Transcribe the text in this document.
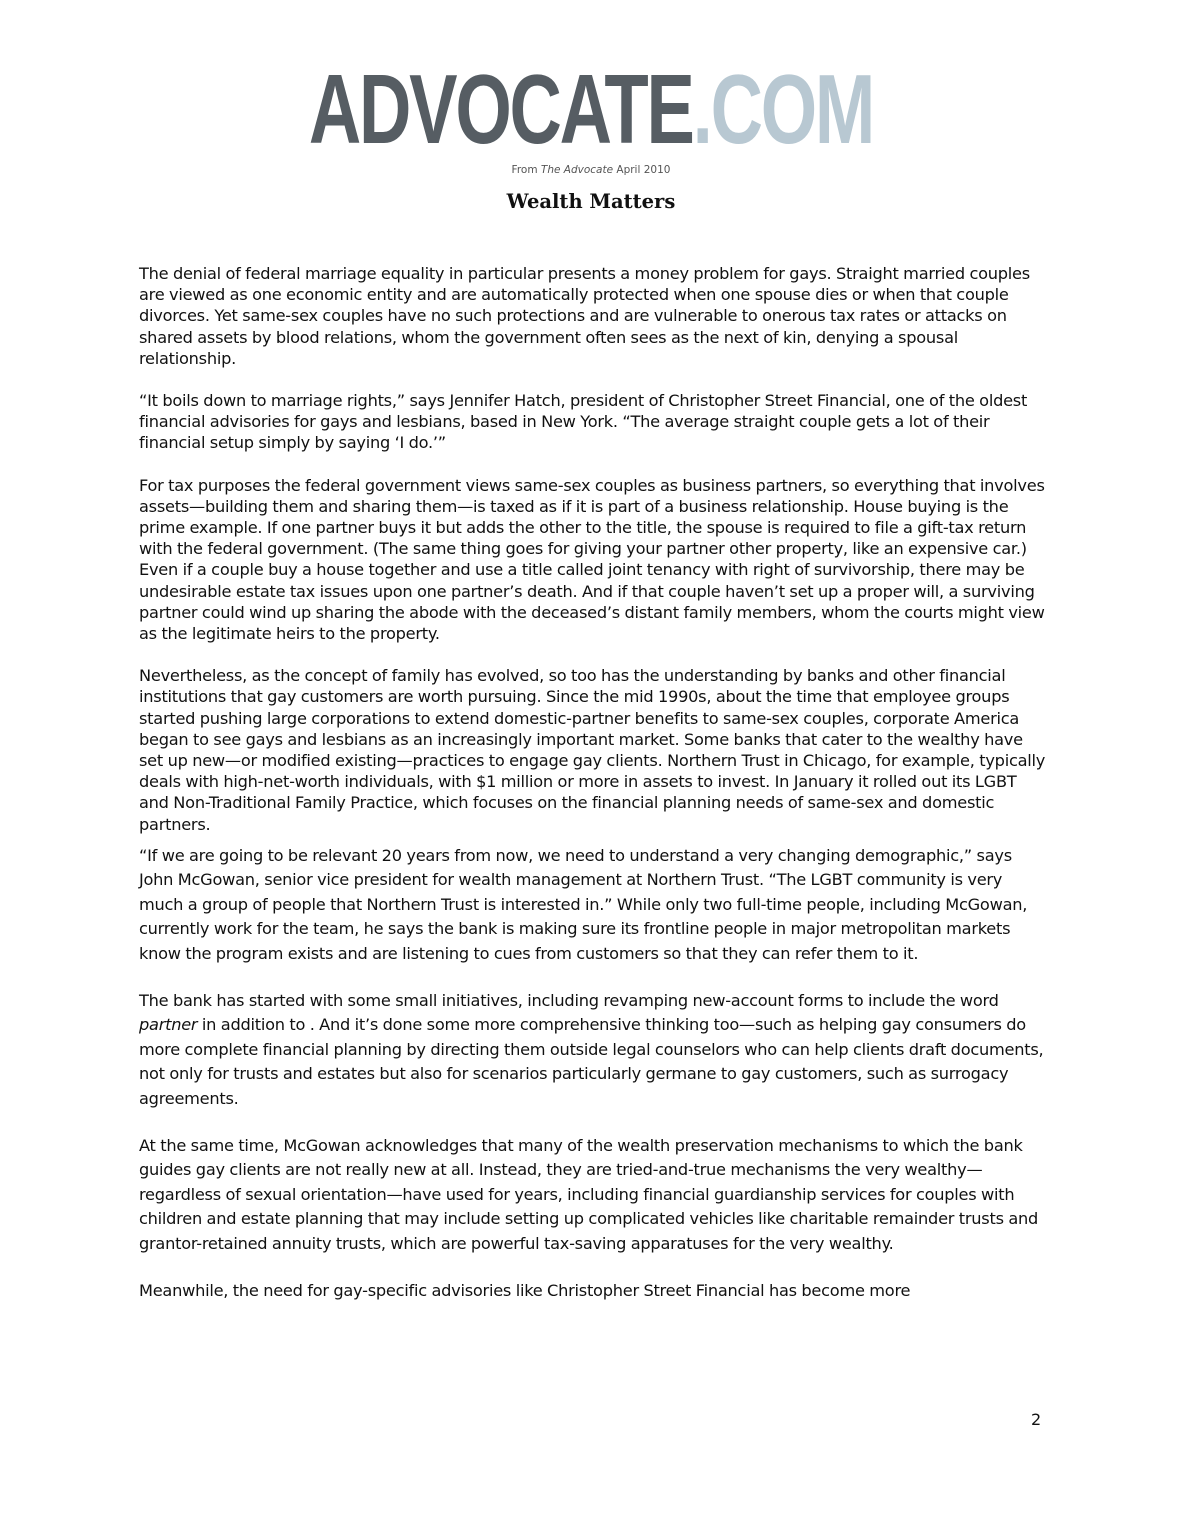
ADVOCATE.COM
From The Advocate April 2010
Wealth Matters

The denial of federal marriage equality in particular presents a money problem for gays. Straight married couples are viewed as one economic entity and are automatically protected when one spouse dies or when that couple divorces. Yet same-sex couples have no such protections and are vulnerable to onerous tax rates or attacks on shared assets by blood relations, whom the government often sees as the next of kin, denying a spousal relationship.

“It boils down to marriage rights,” says Jennifer Hatch, president of Christopher Street Financial, one of the oldest financial advisories for gays and lesbians, based in New York. “The average straight couple gets a lot of their financial setup simply by saying ‘I do.’”

For tax purposes the federal government views same-sex couples as business partners, so everything that involves assets—building them and sharing them—is taxed as if it is part of a business relationship. House buying is the prime example. If one partner buys it but adds the other to the title, the spouse is required to file a gift-tax return with the federal government. (The same thing goes for giving your partner other property, like an expensive car.) Even if a couple buy a house together and use a title called joint tenancy with right of survivorship, there may be undesirable estate tax issues upon one partner’s death. And if that couple haven’t set up a proper will, a surviving partner could wind up sharing the abode with the deceased’s distant family members, whom the courts might view as the legitimate heirs to the property.

Nevertheless, as the concept of family has evolved, so too has the understanding by banks and other financial institutions that gay customers are worth pursuing. Since the mid 1990s, about the time that employee groups started pushing large corporations to extend domestic-partner benefits to same-sex couples, corporate America began to see gays and lesbians as an increasingly important market. Some banks that cater to the wealthy have set up new—or modified existing—practices to engage gay clients. Northern Trust in Chicago, for example, typically deals with high-net-worth individuals, with $1 million or more in assets to invest. In January it rolled out its LGBT and Non-Traditional Family Practice, which focuses on the financial planning needs of same-sex and domestic partners.

“If we are going to be relevant 20 years from now, we need to understand a very changing demographic,” says John McGowan, senior vice president for wealth management at Northern Trust. “The LGBT community is very much a group of people that Northern Trust is interested in.” While only two full-time people, including McGowan, currently work for the team, he says the bank is making sure its frontline people in major metropolitan markets know the program exists and are listening to cues from customers so that they can refer them to it.

The bank has started with some small initiatives, including revamping new-account forms to include the word partner in addition to . And it’s done some more comprehensive thinking too—such as helping gay consumers do more complete financial planning by directing them outside legal counselors who can help clients draft documents, not only for trusts and estates but also for scenarios particularly germane to gay customers, such as surrogacy agreements.

At the same time, McGowan acknowledges that many of the wealth preservation mechanisms to which the bank guides gay clients are not really new at all. Instead, they are tried-and-true mechanisms the very wealthy—regardless of sexual orientation—have used for years, including financial guardianship services for couples with children and estate planning that may include setting up complicated vehicles like charitable remainder trusts and grantor-retained annuity trusts, which are powerful tax-saving apparatuses for the very wealthy.

Meanwhile, the need for gay-specific advisories like Christopher Street Financial has become more

2
